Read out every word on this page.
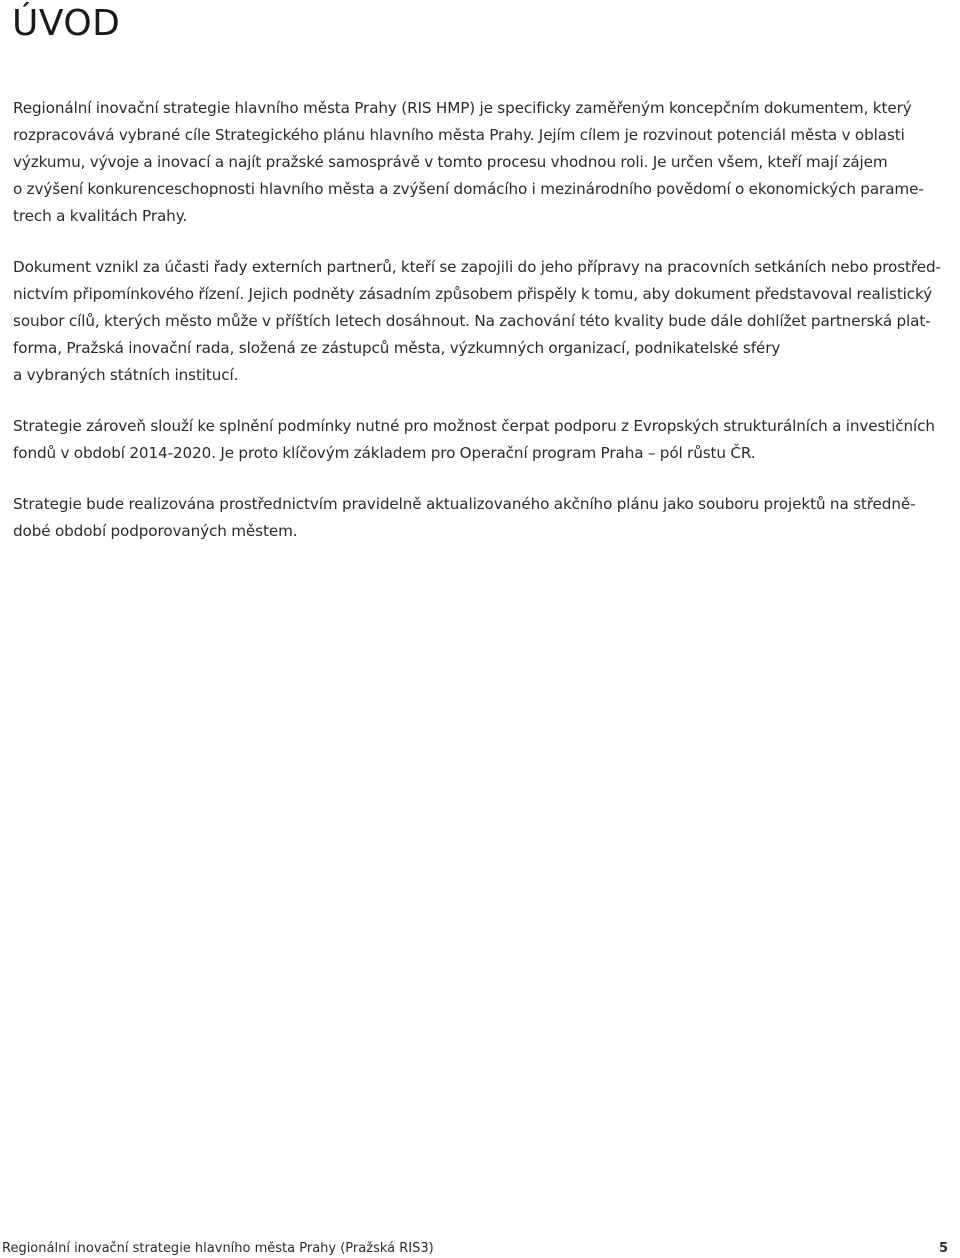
ÚVOD

Regionální inovační strategie hlavního města Prahy (RIS HMP) je specificky zaměřeným koncepčním dokumentem, který
rozpracovává vybrané cíle Strategického plánu hlavního města Prahy. Jejím cílem je rozvinout potenciál města v oblasti
výzkumu, vývoje a inovací a najít pražské samosprávě v tomto procesu vhodnou roli. Je určen všem, kteří mají zájem
o zvýšení konkurenceschopnosti hlavního města a zvýšení domácího i mezinárodního povědomí o ekonomických parame-
trech a kvalitách Prahy.

Dokument vznikl za účasti řady externích partnerů, kteří se zapojili do jeho přípravy na pracovních setkáních nebo prostřed-
nictvím připomínkového řízení. Jejich podněty zásadním způsobem přispěly k tomu, aby dokument představoval realistický
soubor cílů, kterých město může v příštích letech dosáhnout. Na zachování této kvality bude dále dohlížet partnerská plat-
forma, Pražská inovační rada, složená ze zástupců města, výzkumných organizací, podnikatelské sféry
a vybraných státních institucí.

Strategie zároveň slouží ke splnění podmínky nutné pro možnost čerpat podporu z Evropských strukturálních a investičních
fondů v období 2014-2020. Je proto klíčovým základem pro Operační program Praha – pól růstu ČR.

Strategie bude realizována prostřednictvím pravidelně aktualizovaného akčního plánu jako souboru projektů na středně-
dobé období podporovaných městem.

Regionální inovační strategie hlavního města Prahy (Pražská RIS3)	5
